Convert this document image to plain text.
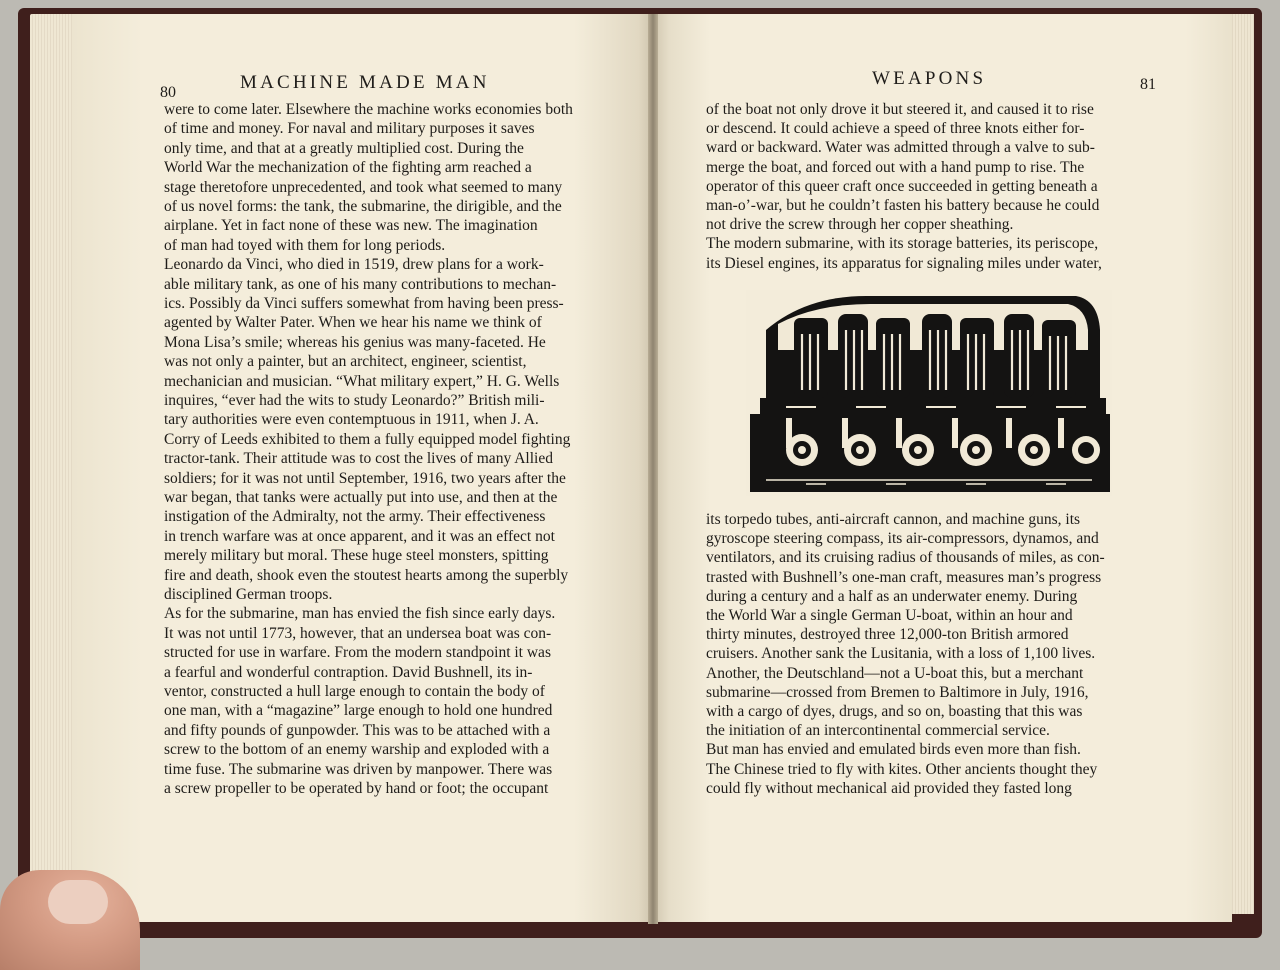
80	MACHINE MADE MAN	WEAPONS	81
were to come later. Elsewhere the machine works economies both
of time and money. For naval and military purposes it saves
only time, and that at a greatly multiplied cost. During the
World War the mechanization of the fighting arm reached a
stage theretofore unprecedented, and took what seemed to many
of us novel forms: the tank, the submarine, the dirigible, and the
airplane. Yet in fact none of these was new. The imagination
of man had toyed with them for long periods.
Leonardo da Vinci, who died in 1519, drew plans for a work-
able military tank, as one of his many contributions to mechan-
ics. Possibly da Vinci suffers somewhat from having been press-
agented by Walter Pater. When we hear his name we think of
Mona Lisa’s smile; whereas his genius was many-faceted. He
was not only a painter, but an architect, engineer, scientist,
mechanician and musician. “What military expert,” H. G. Wells
inquires, “ever had the wits to study Leonardo?” British mili-
tary authorities were even contemptuous in 1911, when J. A.
Corry of Leeds exhibited to them a fully equipped model fighting
tractor-tank. Their attitude was to cost the lives of many Allied
soldiers; for it was not until September, 1916, two years after the
war began, that tanks were actually put into use, and then at the
instigation of the Admiralty, not the army. Their effectiveness
in trench warfare was at once apparent, and it was an effect not
merely military but moral. These huge steel monsters, spitting
fire and death, shook even the stoutest hearts among the superbly
disciplined German troops.
As for the submarine, man has envied the fish since early days.
It was not until 1773, however, that an undersea boat was con-
structed for use in warfare. From the modern standpoint it was
a fearful and wonderful contraption. David Bushnell, its in-
ventor, constructed a hull large enough to contain the body of
one man, with a “magazine” large enough to hold one hundred
and fifty pounds of gunpowder. This was to be attached with a
screw to the bottom of an enemy warship and exploded with a
time fuse. The submarine was driven by manpower. There was
a screw propeller to be operated by hand or foot; the occupant
of the boat not only drove it but steered it, and caused it to rise
or descend. It could achieve a speed of three knots either for-
ward or backward. Water was admitted through a valve to sub-
merge the boat, and forced out with a hand pump to rise. The
operator of this queer craft once succeeded in getting beneath a
man-o’-war, but he couldn’t fasten his battery because he could
not drive the screw through her copper sheathing.
The modern submarine, with its storage batteries, its periscope,
its Diesel engines, its apparatus for signaling miles under water,
its torpedo tubes, anti-aircraft cannon, and machine guns, its
gyroscope steering compass, its air-compressors, dynamos, and
ventilators, and its cruising radius of thousands of miles, as con-
trasted with Bushnell’s one-man craft, measures man’s progress
during a century and a half as an underwater enemy. During
the World War a single German U-boat, within an hour and
thirty minutes, destroyed three 12,000-ton British armored
cruisers. Another sank the Lusitania, with a loss of 1,100 lives.
Another, the Deutschland—not a U-boat this, but a merchant
submarine—crossed from Bremen to Baltimore in July, 1916,
with a cargo of dyes, drugs, and so on, boasting that this was
the initiation of an intercontinental commercial service.
But man has envied and emulated birds even more than fish.
The Chinese tried to fly with kites. Other ancients thought they
could fly without mechanical aid provided they fasted long
